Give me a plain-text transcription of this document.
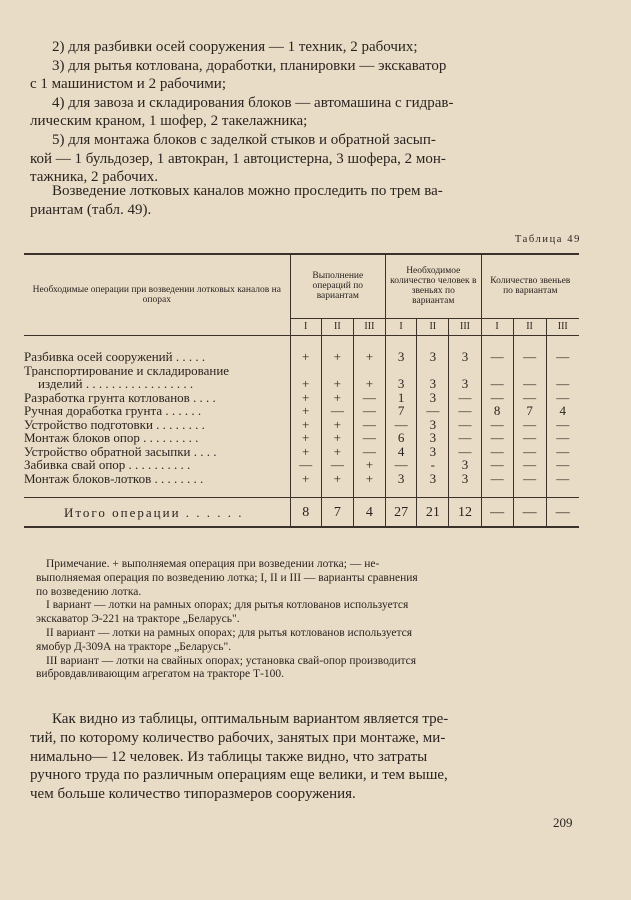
2) для разбивки осей сооружения — 1 техник, 2 рабочих;
3) для рытья котлована, доработки, планировки — экскаватор
с 1 машинистом и 2 рабочими;
4) для завоза и складирования блоков — автомашина с гидрав-
лическим краном, 1 шофер, 2 такелажника;
5) для монтажа блоков с заделкой стыков и обратной засып-
кой — 1 бульдозер, 1 автокран, 1 автоцистерна, 3 шофера, 2 мон-
тажника, 2 рабочих.
Возведение лотковых каналов можно проследить по трем ва-
риантам (табл. 49).
Таблица 49
Необходимые операции при возведении лотковых каналов на опорах	Выполнение операций по вариантам			Необходимое количество человек в звеньях по вариантам			Количество звеньев по вариантам		
	I	II	III	I	II	III	I	II	III

Разбивка осей сооружений . . . . .	+	+	+	3	3	3	—	—	—
Транспортирование и складирование									
изделий . . . . . . . . . . . . . . . . .	+	+	+	3	3	3	—	—	—
Разработка грунта котлованов . . . .	+	+	—	1	3	—	—	—	—
Ручная доработка грунта . . . . . .	+	—	—	7	—	—	8	7	4
Устройство подготовки . . . . . . . .	+	+	—	—	3	—	—	—	—
Монтаж блоков опор . . . . . . . . .	+	+	—	6	3	—	—	—	—
Устройство обратной засыпки . . . .	+	+	—	4	3	—	—	—	—
Забивка свай опор . . . . . . . . . .	—	—	+	—	-	3	—	—	—
Монтаж блоков-лотков . . . . . . . .	+	+	+	3	3	3	—	—	—

Итого операции . . . . . .	8	7	4	27	21	12	—	—	—
Примечание. + выполняемая операция при возведении лотка; — не-
выполняемая операция по возведению лотка; I, II и III — варианты сравнения
по возведению лотка.
I вариант — лотки на рамных опорах; для рытья котлованов используется
экскаватор Э-221 на тракторе „Беларусь".
II вариант — лотки на рамных опорах; для рытья котлованов используется
ямобур Д-309А на тракторе „Беларусь".
III вариант — лотки на свайных опорах; установка свай-опор производится
вибровдавливающим агрегатом на тракторе Т-100.
Как видно из таблицы, оптимальным вариантом является тре-
тий, по которому количество рабочих, занятых при монтаже, ми-
нимально— 12 человек. Из таблицы также видно, что затраты
ручного труда по различным операциям еще велики, и тем выше,
чем больше количество типоразмеров сооружения.
209
